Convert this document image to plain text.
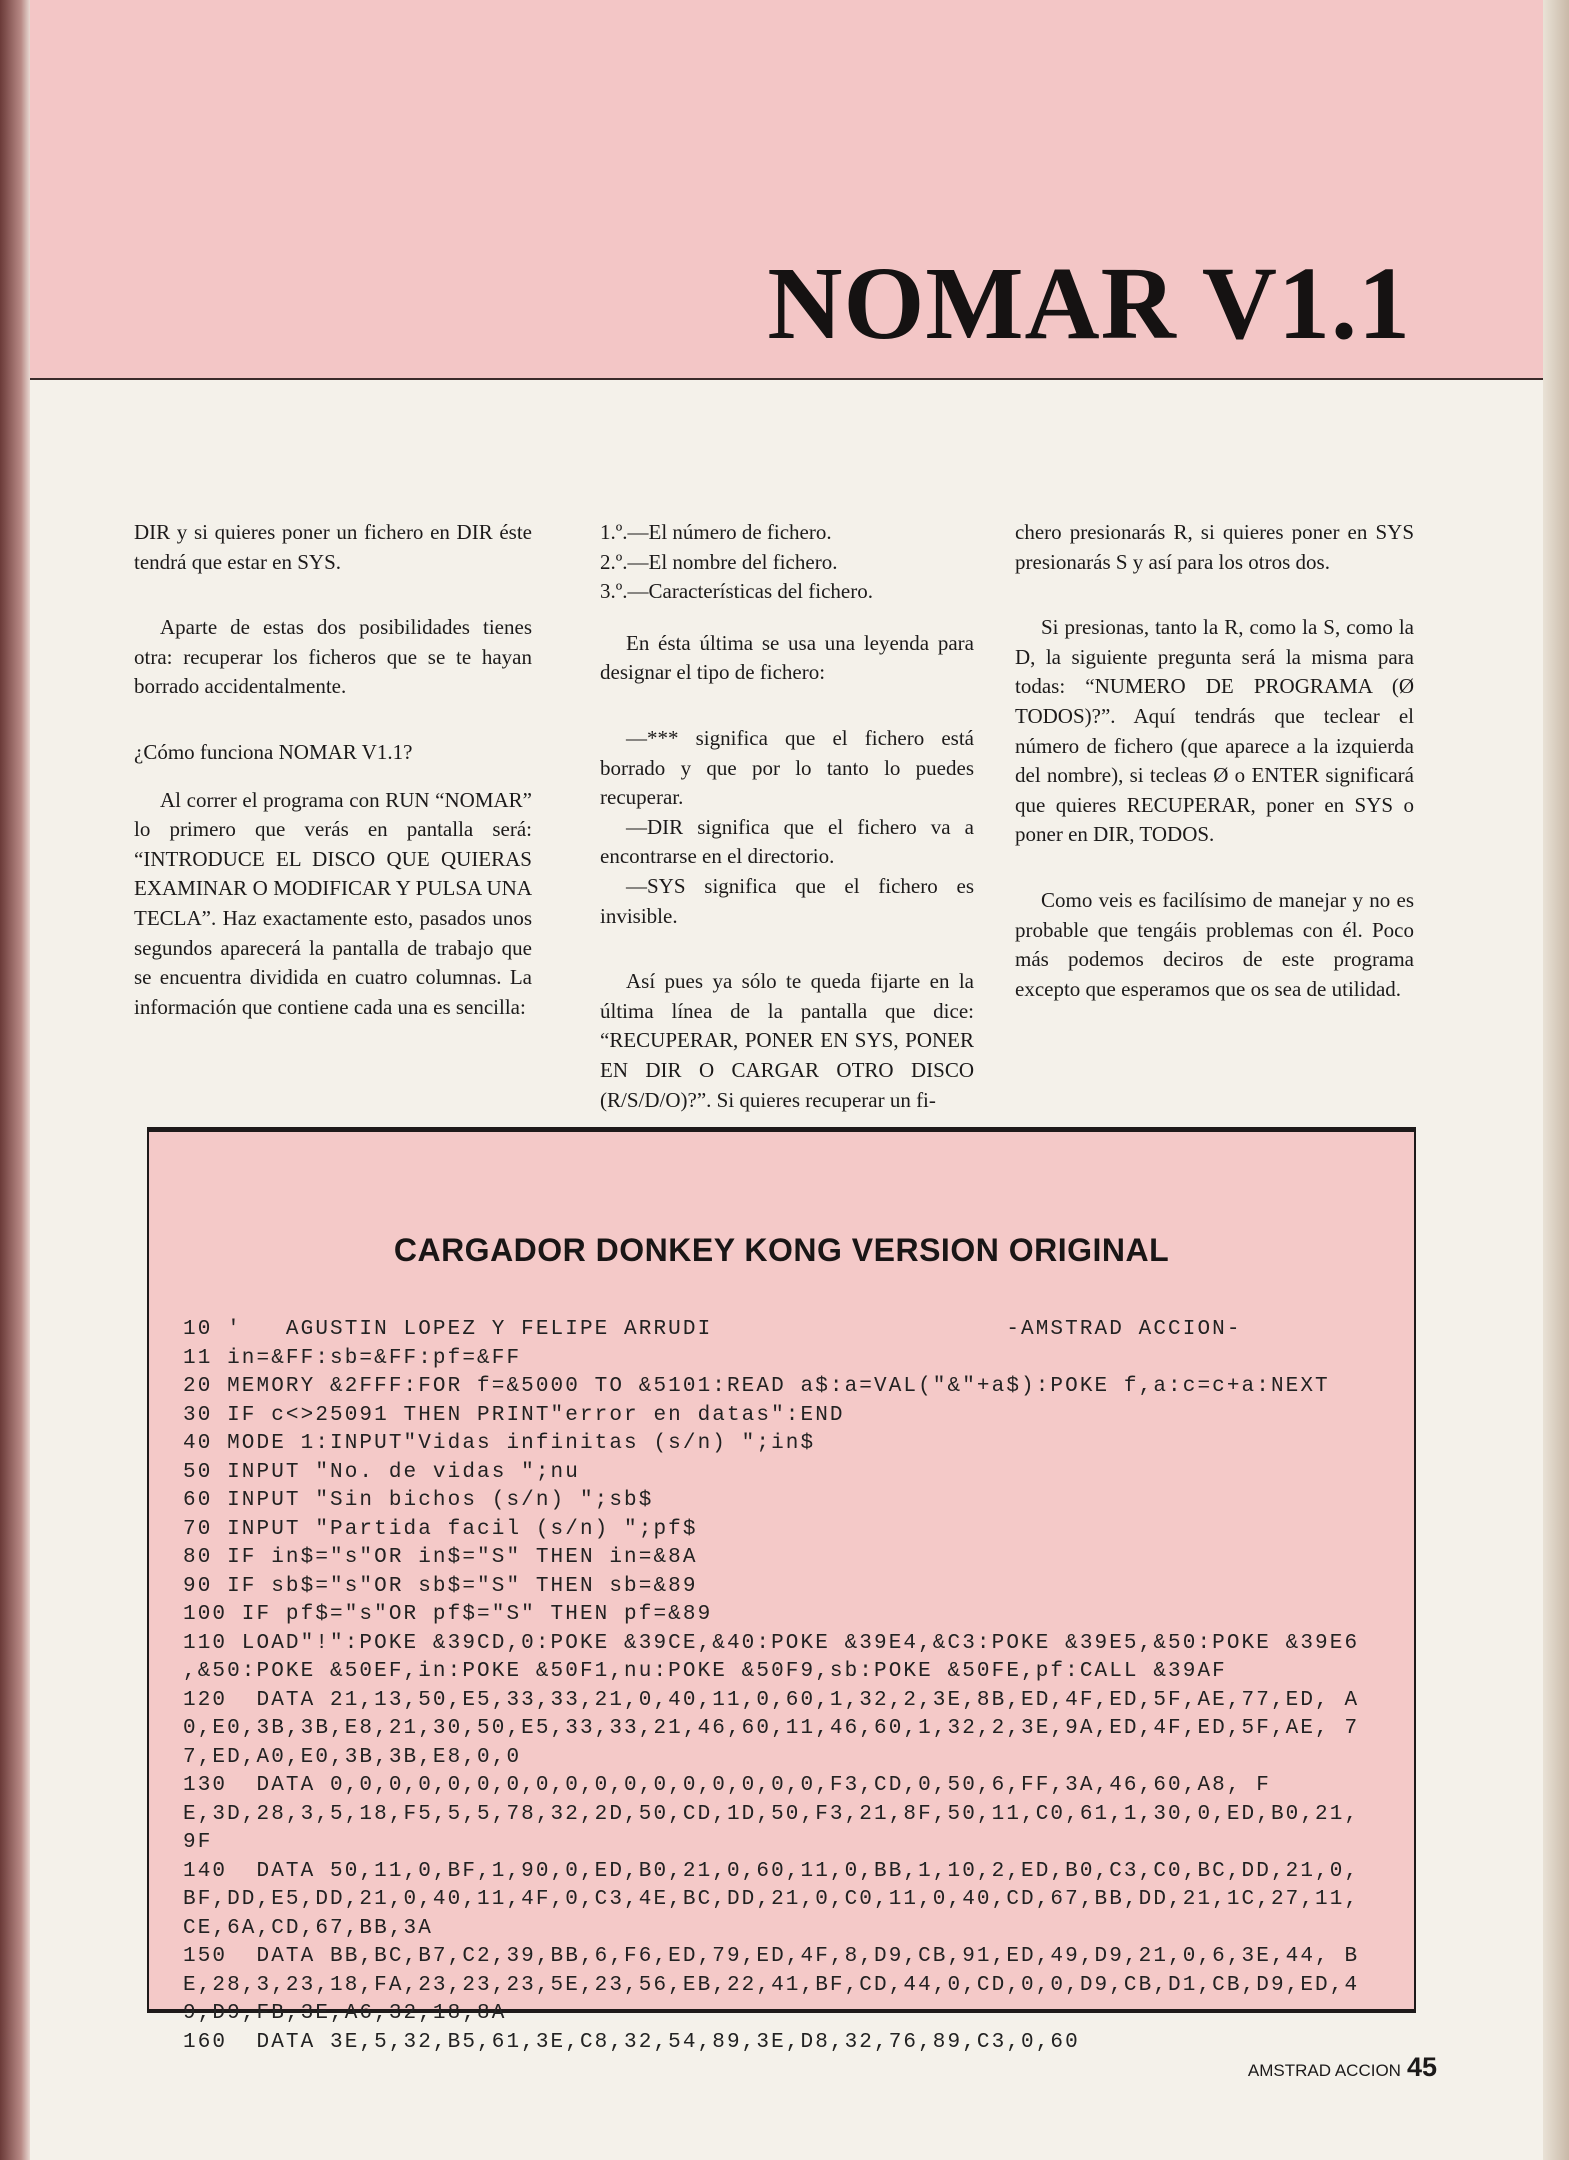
NOMAR V1.1

DIR y si quieres poner un fichero en DIR éste tendrá que estar en SYS.

Aparte de estas dos posibilidades tienes otra: recuperar los ficheros que se te hayan borrado accidentalmente.

¿Cómo funciona NOMAR V1.1?

Al correr el programa con RUN “NOMAR” lo primero que verás en pantalla será: “INTRODUCE EL DISCO QUE QUIERAS EXAMINAR O MODIFICAR Y PULSA UNA TECLA”. Haz exactamente esto, pasados unos segundos aparecerá la pantalla de trabajo que se encuentra dividida en cuatro columnas. La información que contiene cada una es sencilla:

1.º.—El número de fichero.

2.º.—El nombre del fichero.

3.º.—Características del fichero.

En ésta última se usa una leyenda para designar el tipo de fichero:

—*** significa que el fichero está borrado y que por lo tanto lo puedes recuperar.

—DIR significa que el fichero va a encontrarse en el directorio.

—SYS significa que el fichero es invisible.

Así pues ya sólo te queda fijarte en la última línea de la pantalla que dice: “RECUPERAR, PONER EN SYS, PONER EN DIR O CARGAR OTRO DISCO (R/S/D/O)?”. Si quieres recuperar un fi-

chero presionarás R, si quieres poner en SYS presionarás S y así para los otros dos.

Si presionas, tanto la R, como la S, como la D, la siguiente pregunta será la misma para todas: “NUMERO DE PROGRAMA (Ø TODOS)?”. Aquí tendrás que teclear el número de fichero (que aparece a la izquierda del nombre), si tecleas Ø o ENTER significará que quieres RECUPERAR, poner en SYS o poner en DIR, TODOS.

Como veis es facilísimo de manejar y no es probable que tengáis problemas con él. Poco más podemos deciros de este programa excepto que esperamos que os sea de utilidad.

CARGADOR DONKEY KONG VERSION ORIGINAL
10 '   AGUSTIN LOPEZ Y FELIPE ARRUDI                    -AMSTRAD ACCION-
11 in=&FF:sb=&FF:pf=&FF
20 MEMORY &2FFF:FOR f=&5000 TO &5101:READ a$:a=VAL("&"+a$):POKE f,a:c=c+a:NEXT
30 IF c<>25091 THEN PRINT"error en datas":END
40 MODE 1:INPUT"Vidas infinitas (s/n) ";in$
50 INPUT "No. de vidas ";nu
60 INPUT "Sin bichos (s/n) ";sb$
70 INPUT "Partida facil (s/n) ";pf$
80 IF in$="s"OR in$="S" THEN in=&8A
90 IF sb$="s"OR sb$="S" THEN sb=&89
100 IF pf$="s"OR pf$="S" THEN pf=&89
110 LOAD"!":POKE &39CD,0:POKE &39CE,&40:POKE &39E4,&C3:POKE &39E5,&50:POKE &39E6
,&50:POKE &50EF,in:POKE &50F1,nu:POKE &50F9,sb:POKE &50FE,pf:CALL &39AF
120  DATA 21,13,50,E5,33,33,21,0,40,11,0,60,1,32,2,3E,8B,ED,4F,ED,5F,AE,77,ED, A
0,E0,3B,3B,E8,21,30,50,E5,33,33,21,46,60,11,46,60,1,32,2,3E,9A,ED,4F,ED,5F,AE, 7
7,ED,A0,E0,3B,3B,E8,0,0
130  DATA 0,0,0,0,0,0,0,0,0,0,0,0,0,0,0,0,0,F3,CD,0,50,6,FF,3A,46,60,A8, F
E,3D,28,3,5,18,F5,5,5,78,32,2D,50,CD,1D,50,F3,21,8F,50,11,C0,61,1,30,0,ED,B0,21,
9F
140  DATA 50,11,0,BF,1,90,0,ED,B0,21,0,60,11,0,BB,1,10,2,ED,B0,C3,C0,BC,DD,21,0,
BF,DD,E5,DD,21,0,40,11,4F,0,C3,4E,BC,DD,21,0,C0,11,0,40,CD,67,BB,DD,21,1C,27,11,
CE,6A,CD,67,BB,3A
150  DATA BB,BC,B7,C2,39,BB,6,F6,ED,79,ED,4F,8,D9,CB,91,ED,49,D9,21,0,6,3E,44, B
E,28,3,23,18,FA,23,23,23,5E,23,56,EB,22,41,BF,CD,44,0,CD,0,0,D9,CB,D1,CB,D9,ED,4
9,D9,FB,3E,A6,32,18,8A
160  DATA 3E,5,32,B5,61,3E,C8,32,54,89,3E,D8,32,76,89,C3,0,60
AMSTRAD ACCION 45
